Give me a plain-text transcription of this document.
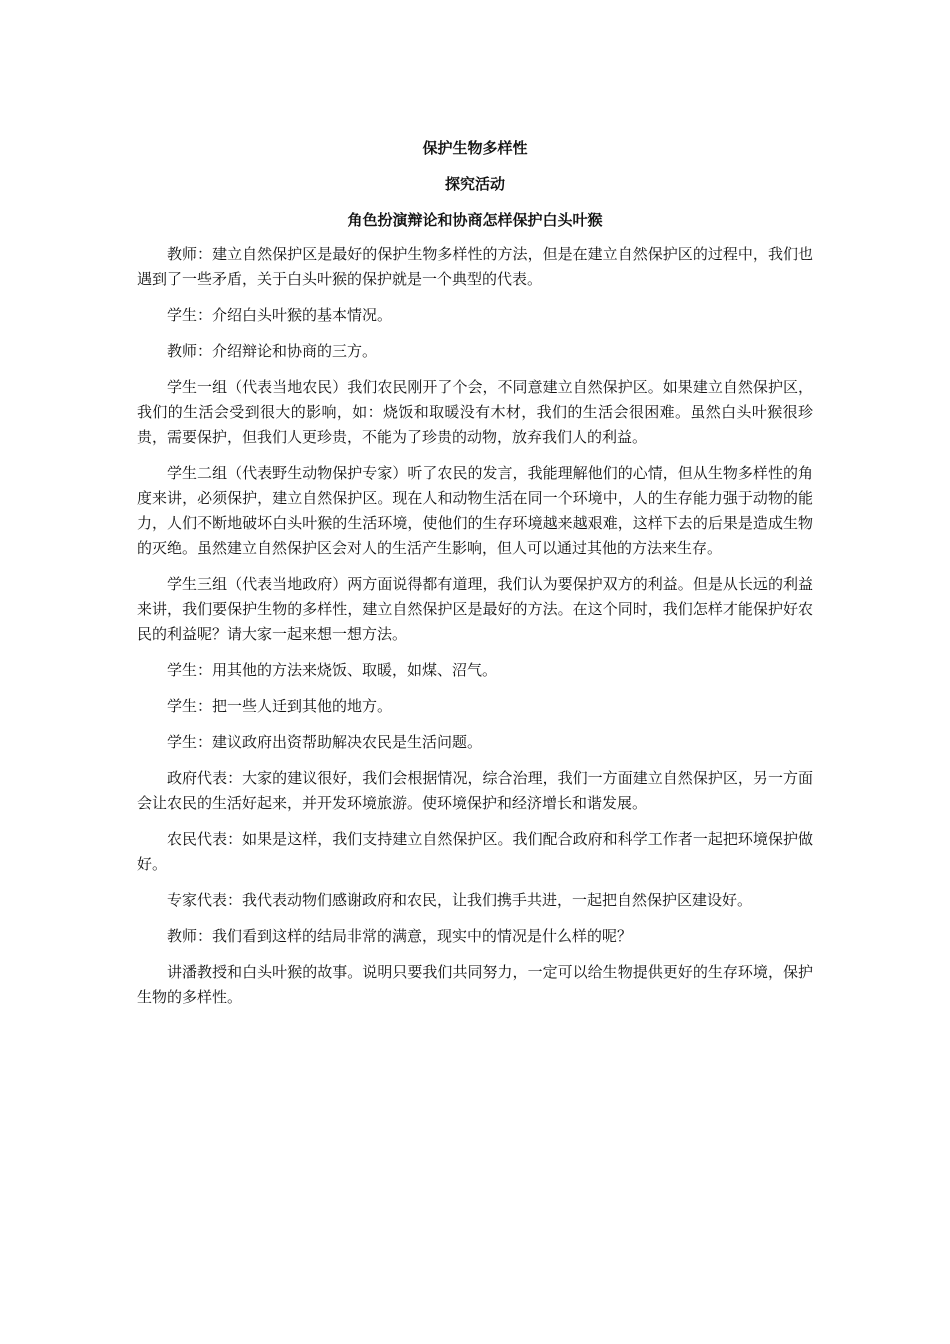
保护生物多样性
探究活动
角色扮演辩论和协商怎样保护白头叶猴

教师：建立自然保护区是最好的保护生物多样性的方法，但是在建立自然保护区的过程中，我们也遇到了一些矛盾，关于白头叶猴的保护就是一个典型的代表。

学生：介绍白头叶猴的基本情况。

教师：介绍辩论和协商的三方。

学生一组（代表当地农民）我们农民刚开了个会，不同意建立自然保护区。如果建立自然保护区，我们的生活会受到很大的影响，如：烧饭和取暖没有木材，我们的生活会很困难。虽然白头叶猴很珍贵，需要保护，但我们人更珍贵，不能为了珍贵的动物，放弃我们人的利益。

学生二组（代表野生动物保护专家）听了农民的发言，我能理解他们的心情，但从生物多样性的角度来讲，必须保护，建立自然保护区。现在人和动物生活在同一个环境中，人的生存能力强于动物的能力，人们不断地破坏白头叶猴的生活环境，使他们的生存环境越来越艰难，这样下去的后果是造成生物的灭绝。虽然建立自然保护区会对人的生活产生影响，但人可以通过其他的方法来生存。

学生三组（代表当地政府）两方面说得都有道理，我们认为要保护双方的利益。但是从长远的利益来讲，我们要保护生物的多样性，建立自然保护区是最好的方法。在这个同时，我们怎样才能保护好农民的利益呢？请大家一起来想一想方法。

学生：用其他的方法来烧饭、取暖，如煤、沼气。

学生：把一些人迁到其他的地方。

学生：建议政府出资帮助解决农民是生活问题。

政府代表：大家的建议很好，我们会根据情况，综合治理，我们一方面建立自然保护区，另一方面会让农民的生活好起来，并开发环境旅游。使环境保护和经济增长和谐发展。

农民代表：如果是这样，我们支持建立自然保护区。我们配合政府和科学工作者一起把环境保护做好。

专家代表：我代表动物们感谢政府和农民，让我们携手共进，一起把自然保护区建设好。

教师：我们看到这样的结局非常的满意，现实中的情况是什么样的呢？

讲潘教授和白头叶猴的故事。说明只要我们共同努力，一定可以给生物提供更好的生存环境，保护生物的多样性。
